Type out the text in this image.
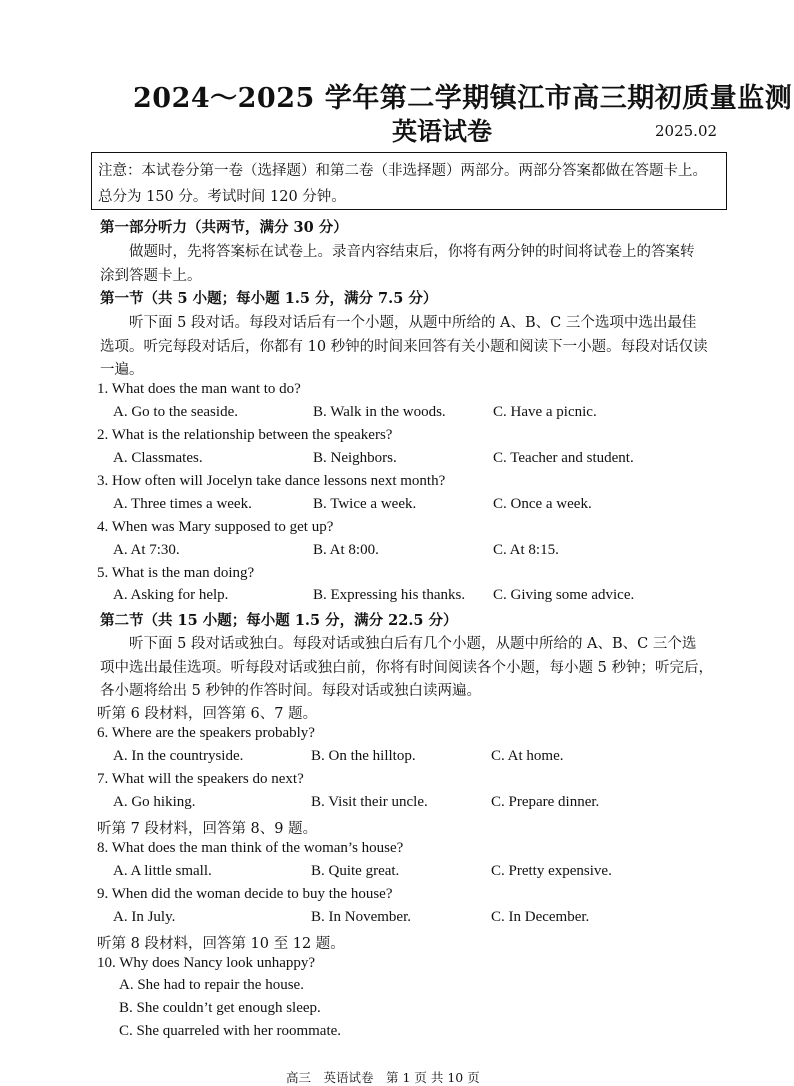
2024～2025 学年第二学期镇江市高三期初质量监测
英语试卷	2025.02
注意：本试卷分第一卷（选择题）和第二卷（非选择题）两部分。两部分答案都做在答题卡上。
总分为 150 分。考试时间 120 分钟。
第一部分听力（共两节，满分 30 分）
做题时，先将答案标在试卷上。录音内容结束后，你将有两分钟的时间将试卷上的答案转
涂到答题卡上。
第一节（共 5 小题；每小题 1.5 分，满分 7.5 分）
听下面 5 段对话。每段对话后有一个小题，从题中所给的 A、B、C 三个选项中选出最佳
选项。听完每段对话后，你都有 10 秒钟的时间来回答有关小题和阅读下一小题。每段对话仅读
一遍。
1. What does the man want to do?
A. Go to the seaside.	B. Walk in the woods.	C. Have a picnic.
2. What is the relationship between the speakers?
A. Classmates.	B. Neighbors.	C. Teacher and student.
3. How often will Jocelyn take dance lessons next month?
A. Three times a week.	B. Twice a week.	C. Once a week.
4. When was Mary supposed to get up?
A. At 7:30.	B. At 8:00.	C. At 8:15.
5. What is the man doing?
A. Asking for help.	B. Expressing his thanks. C. Giving some advice.
第二节（共 15 小题；每小题 1.5 分，满分 22.5 分）
听下面 5 段对话或独白。每段对话或独白后有几个小题，从题中所给的 A、B、C 三个选
项中选出最佳选项。听每段对话或独白前，你将有时间阅读各个小题，每小题 5 秒钟；听完后，
各小题将给出 5 秒钟的作答时间。每段对话或独白读两遍。
听第 6 段材料，回答第 6、7 题。
6. Where are the speakers probably?
A. In the countryside.	B. On the hilltop.	C. At home.
7. What will the speakers do next?
A. Go hiking.	B. Visit their uncle.	C. Prepare dinner.
听第 7 段材料，回答第 8、9 题。
8. What does the man think of the woman’s house?
A. A little small.	B. Quite great.	C. Pretty expensive.
9. When did the woman decide to buy the house?
A. In July.	B. In November.	C. In December.
听第 8 段材料，回答第 10 至 12 题。
10. Why does Nancy look unhappy?
A. She had to repair the house.
B. She couldn’t get enough sleep.
C. She quarreled with her roommate.
高三　英语试卷　第 1 页 共 10 页
